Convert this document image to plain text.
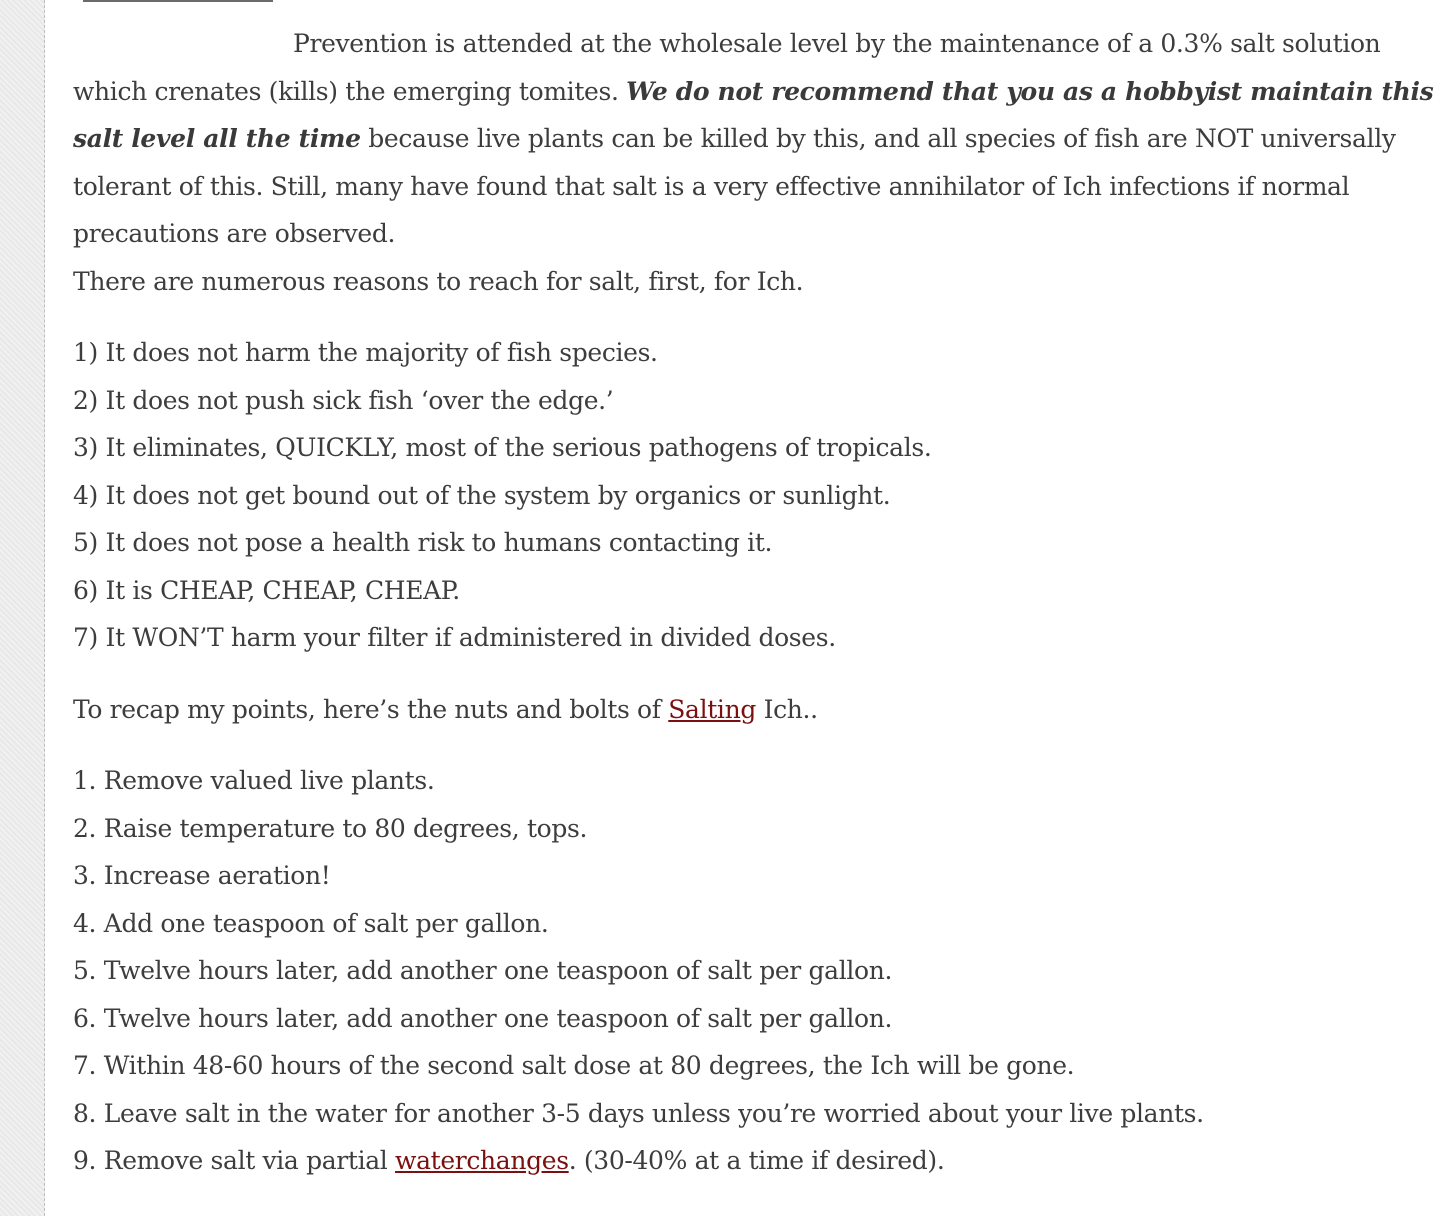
Prevention is attended at the wholesale level by the maintenance of a 0.3% salt solution which crenates (kills) the emerging tomites. We do not recommend that you as a hobbyist maintain this salt level all the time because live plants can be killed by this, and all species of fish are NOT universally tolerant of this. Still, many have found that salt is a very effective annihilator of Ich infections if normal precautions are observed.

There are numerous reasons to reach for salt, first, for Ich.

1) It does not harm the majority of fish species.

2) It does not push sick fish ‘over the edge.’

3) It eliminates, QUICKLY, most of the serious pathogens of tropicals.

4) It does not get bound out of the system by organics or sunlight.

5) It does not pose a health risk to humans contacting it.

6) It is CHEAP, CHEAP, CHEAP.

7) It WON’T harm your filter if administered in divided doses.

To recap my points, here’s the nuts and bolts of Salting Ich..

1. Remove valued live plants.

2. Raise temperature to 80 degrees, tops.

3. Increase aeration!

4. Add one teaspoon of salt per gallon.

5. Twelve hours later, add another one teaspoon of salt per gallon.

6. Twelve hours later, add another one teaspoon of salt per gallon.

7. Within 48-60 hours of the second salt dose at 80 degrees, the Ich will be gone.

8. Leave salt in the water for another 3-5 days unless you’re worried about your live plants.

9. Remove salt via partial waterchanges. (30-40% at a time if desired).
